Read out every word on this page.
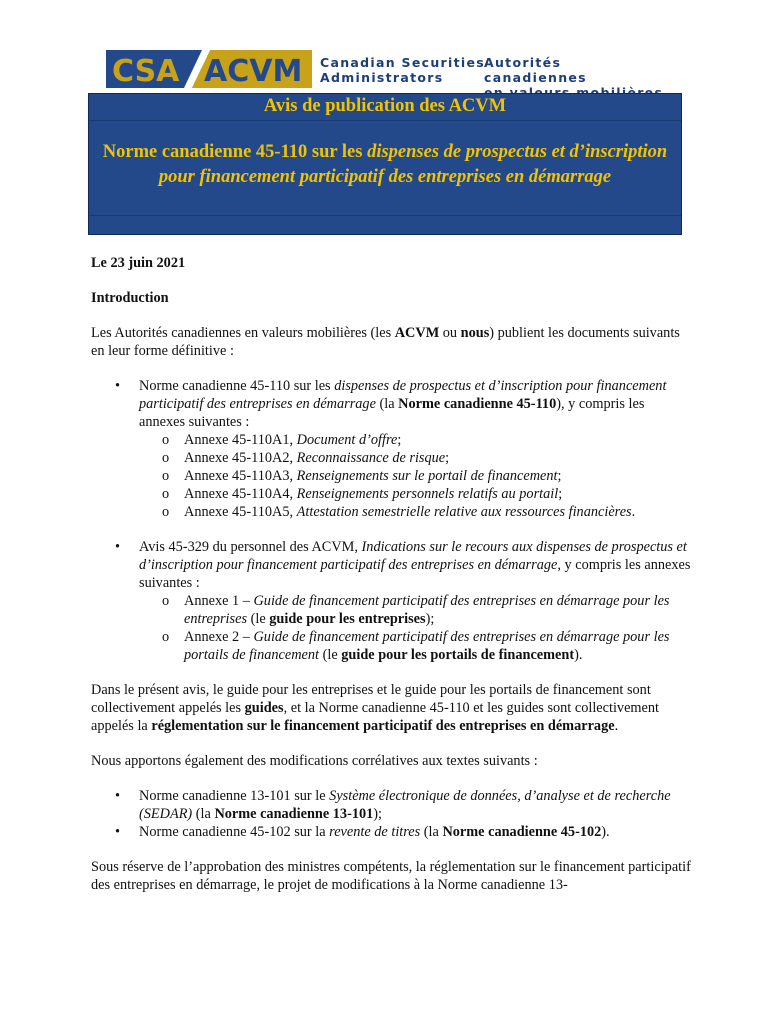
CSA ACVM Canadian Securities
Administrators
Autorités canadiennes
Avis de publication des ACVM
Norme canadienne 45-110 sur les dispenses de prospectus et d’inscription pour financement participatif des entreprises en démarrage

Le 23 juin 2021

Introduction

Les Autorités canadiennes en valeurs mobilières (les ACVM ou nous) publient les documents suivants en leur forme définitive :

• Norme canadienne 45-110 sur les dispenses de prospectus et d’inscription pour financement participatif des entreprises en démarrage (la Norme canadienne 45-110), y compris les annexes suivantes :
o Annexe 45-110A1, Document d’offre;
o Annexe 45-110A2, Reconnaissance de risque;
o Annexe 45-110A3, Renseignements sur le portail de financement;
o Annexe 45-110A4, Renseignements personnels relatifs au portail;
o Annexe 45-110A5, Attestation semestrielle relative aux ressources financières.
• Avis 45-329 du personnel des ACVM, Indications sur le recours aux dispenses de prospectus et d’inscription pour financement participatif des entreprises en démarrage, y compris les annexes suivantes :
o Annexe 1 – Guide de financement participatif des entreprises en démarrage pour les entreprises (le guide pour les entreprises);
o Annexe 2 – Guide de financement participatif des entreprises en démarrage pour les portails de financement (le guide pour les portails de financement).

Dans le présent avis, le guide pour les entreprises et le guide pour les portails de financement sont collectivement appelés les guides, et la Norme canadienne 45-110 et les guides sont collectivement appelés la réglementation sur le financement participatif des entreprises en démarrage.

Nous apportons également des modifications corrélatives aux textes suivants :

• Norme canadienne 13-101 sur le Système électronique de données, d’analyse et de recherche (SEDAR) (la Norme canadienne 13-101);
• Norme canadienne 45-102 sur la revente de titres (la Norme canadienne 45-102).

Sous réserve de l’approbation des ministres compétents, la réglementation sur le financement participatif des entreprises en démarrage, le projet de modifications à la Norme canadienne 13-
